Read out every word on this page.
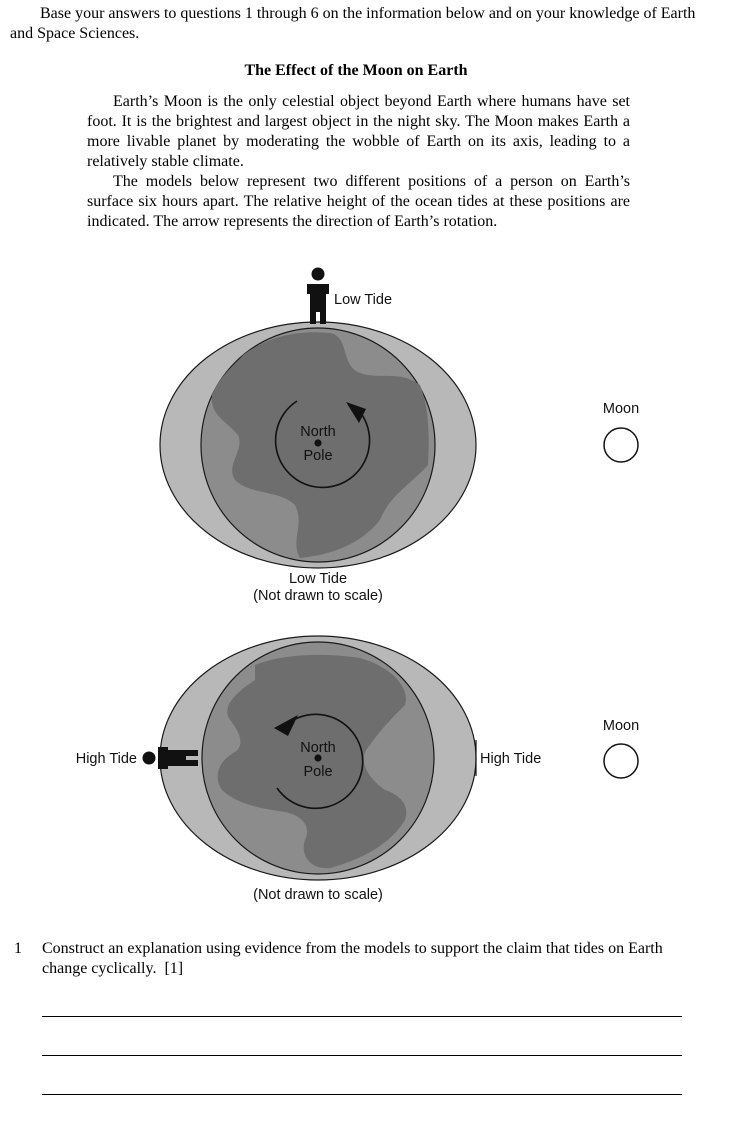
Base your answers to questions 1 through 6 on the information below and on your knowledge of Earth and Space Sciences.
The Effect of the Moon on Earth

Earth’s Moon is the only celestial object beyond Earth where humans have set foot. It is the brightest and largest object in the night sky. The Moon makes Earth a more livable planet by moderating the wobble of Earth on its axis, leading to a relatively stable climate.

The models below represent two different positions of a person on Earth’s surface six hours apart. The relative height of the ocean tides at these positions are indicated. The arrow represents the direction of Earth’s rotation.

Low Tide
North
Pole
Moon
Low Tide
(Not drawn to scale)
High Tide	High Tide
North
Pole
Moon
(Not drawn to scale)
1 Construct an explanation using evidence from the models to support the claim that tides on Earth change cyclically. [1]
